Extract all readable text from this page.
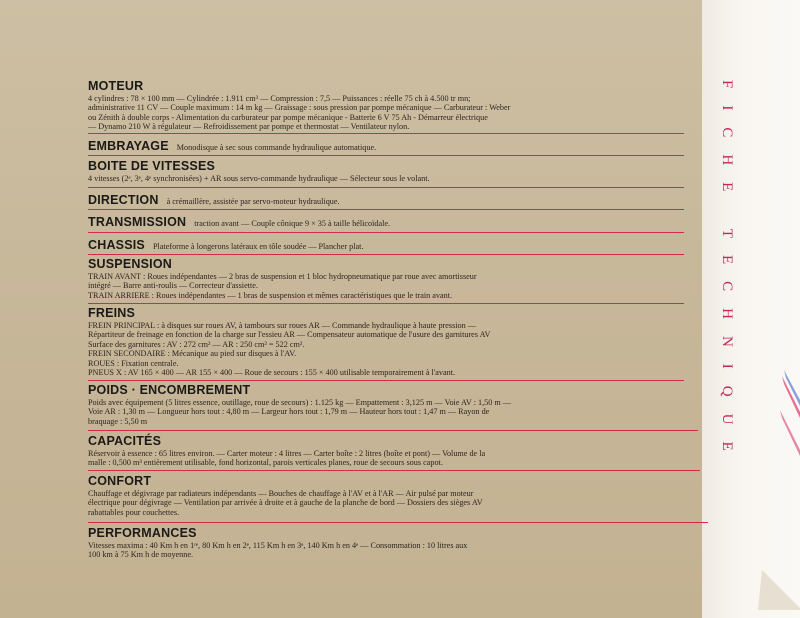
FICHE TECHNIQUE
MOTEUR
4 cylindres : 78 × 100 mm — Cylindrée : 1.911 cm³ — Compression : 7,5 — Puissances : réelle 75 ch à 4.500 tr mn;
administrative 11 CV — Couple maximum : 14 m kg — Graissage : sous pression par pompe mécanique — Carburateur : Weber
ou Zénith à double corps - Alimentation du carburateur par pompe mécanique - Batterie 6 V 75 Ah - Démarreur électrique
— Dynamo 210 W à régulateur — Refroidissement par pompe et thermostat — Ventilateur nylon.
EMBRAYAGE Monodisque à sec sous commande hydraulique automatique.
BOITE DE VITESSES
4 vitesses (2ᵉ, 3ᵉ, 4ᵉ synchronisées) + AR sous servo-commande hydraulique — Sélecteur sous le volant.
DIRECTION à crémaillère, assistée par servo-moteur hydraulique.
TRANSMISSION traction avant — Couple cônique 9 × 35 à taille hélicoïdale.
CHASSIS Plateforme à longerons latéraux en tôle soudée — Plancher plat.
SUSPENSION
TRAIN AVANT : Roues indépendantes — 2 bras de suspension et 1 bloc hydropneumatique par roue avec amortisseur
intégré — Barre anti-roulis — Correcteur d'assiette.
TRAIN ARRIERE : Roues indépendantes — 1 bras de suspension et mêmes caractéristiques que le train avant.
FREINS
FREIN PRINCIPAL : à disques sur roues AV, à tambours sur roues AR — Commande hydraulique à haute pression —
Répartiteur de freinage en fonction de la charge sur l'essieu AR — Compensateur automatique de l'usure des garnitures AV
Surface des garnitures : AV : 272 cm² — AR : 250 cm² = 522 cm².
FREIN SECONDAIRE : Mécanique au pied sur disques à l'AV.
ROUES : Fixation centrale.
PNEUS X : AV 165 × 400 — AR 155 × 400 — Roue de secours : 155 × 400 utilisable temporairement à l'avant.
POIDS · ENCOMBREMENT
Poids avec équipement (5 litres essence, outillage, roue de secours) : 1.125 kg — Empattement : 3,125 m — Voie AV : 1,50 m —
Voie AR : 1,30 m — Longueur hors tout : 4,80 m — Largeur hors tout : 1,79 m — Hauteur hors tout : 1,47 m — Rayon de
braquage : 5,50 m
CAPACITÉS
Réservoir à essence : 65 litres environ. — Carter moteur : 4 litres — Carter boîte : 2 litres (boîte et pont) — Volume de la
malle : 0,500 m³ entièrement utilisable, fond horizontal, parois verticales planes, roue de secours sous capot.
CONFORT
Chauffage et dégivrage par radiateurs indépendants — Bouches de chauffage à l'AV et à l'AR — Air pulsé par moteur
électrique pour dégivrage — Ventilation par arrivée à droite et à gauche de la planche de bord — Dossiers des sièges AV
rabattables pour couchettes.
PERFORMANCES
Vitesses maxima : 40 Km h en 1ʳᵉ, 80 Km h en 2ᵉ, 115 Km h en 3ᵉ, 140 Km h en 4ᵉ — Consommation : 10 litres aux
100 km à 75 Km h de moyenne.
